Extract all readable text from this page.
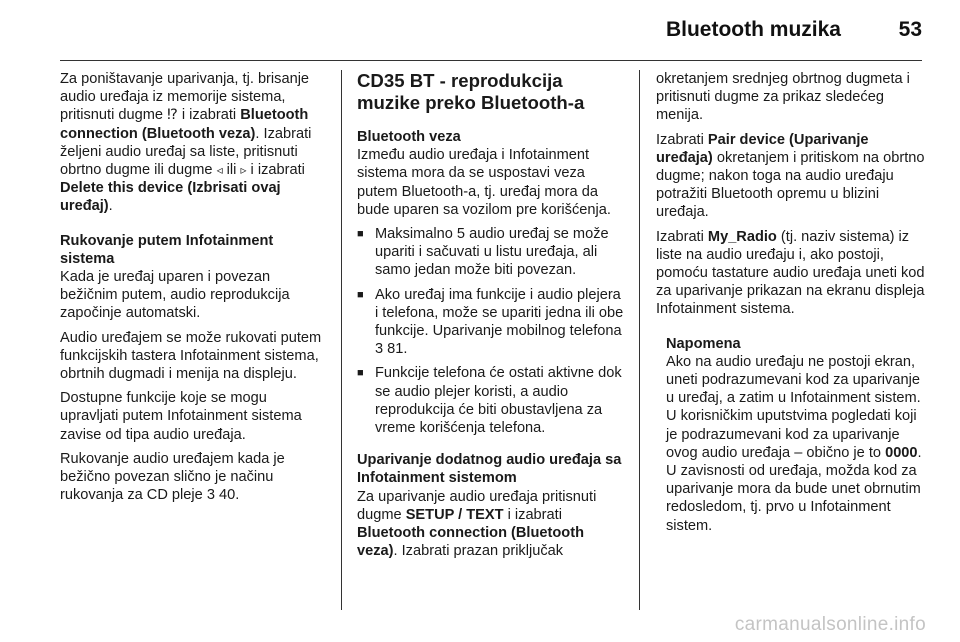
Bluetooth muzika	53

Za poništavanje uparivanja, tj. brisanje audio uređaja iz memorije sistema, pritisnuti dugme ⁉ i izabrati Bluetooth connection (Bluetooth veza). Izabrati željeni audio uređaj sa liste, pritisnuti obrtno dugme ili dugme ◃ ili ▹ i izabrati Delete this device (Izbrisati ovaj uređaj).

Rukovanje putem Infotainment sistema

Kada je uređaj uparen i povezan bežičnim putem, audio reprodukcija započinje automatski.

Audio uređajem se može rukovati putem funkcijskih tastera Infotainment sistema, obrtnih dugmadi i menija na displeju.

Dostupne funkcije koje se mogu upravljati putem Infotainment sistema zavise od tipa audio uređaja.

Rukovanje audio uređajem kada je bežično povezan slično je načinu rukovanja za CD pleje 3 40.

CD35 BT - reprodukcija muzike preko Bluetooth-a
Bluetooth veza

Između audio uređaja i Infotainment sistema mora da se uspostavi veza putem Bluetooth-a, tj. uređaj mora da bude uparen sa vozilom pre korišćenja.

■ Maksimalno 5 audio uređaj se može upariti i sačuvati u listu uređaja, ali samo jedan može biti povezan.
■ Ako uređaj ima funkcije i audio plejera i telefona, može se upariti jedna ili obe funkcije. Uparivanje mobilnog telefona 3 81.
■ Funkcije telefona će ostati aktivne dok se audio plejer koristi, a audio reprodukcija će biti obustavljena za vreme korišćenja telefona.
Uparivanje dodatnog audio uređaja sa Infotainment sistemom

Za uparivanje audio uređaja pritisnuti dugme SETUP / TEXT i izabrati Bluetooth connection (Bluetooth veza). Izabrati prazan priključak

okretanjem srednjeg obrtnog dugmeta i pritisnuti dugme za prikaz sledećeg menija.

Izabrati Pair device (Uparivanje uređaja) okretanjem i pritiskom na obrtno dugme; nakon toga na audio uređaju potražiti Bluetooth opremu u blizini uređaja.

Izabrati My_Radio (tj. naziv sistema) iz liste na audio uređaju i, ako postoji, pomoću tastature audio uređaja uneti kod za uparivanje prikazan na ekranu displeja Infotainment sistema.

Napomena

Ako na audio uređaju ne postoji ekran, uneti podrazumevani kod za uparivanje u uređaj, a zatim u Infotainment sistem. U korisničkim uputstvima pogledati koji je podrazumevani kod za uparivanje ovog audio uređaja – obično je to 0000. U zavisnosti od uređaja, možda kod za uparivanje mora da bude unet obrnutim redosledom, tj. prvo u Infotainment sistem.

carmanualsonline.info
